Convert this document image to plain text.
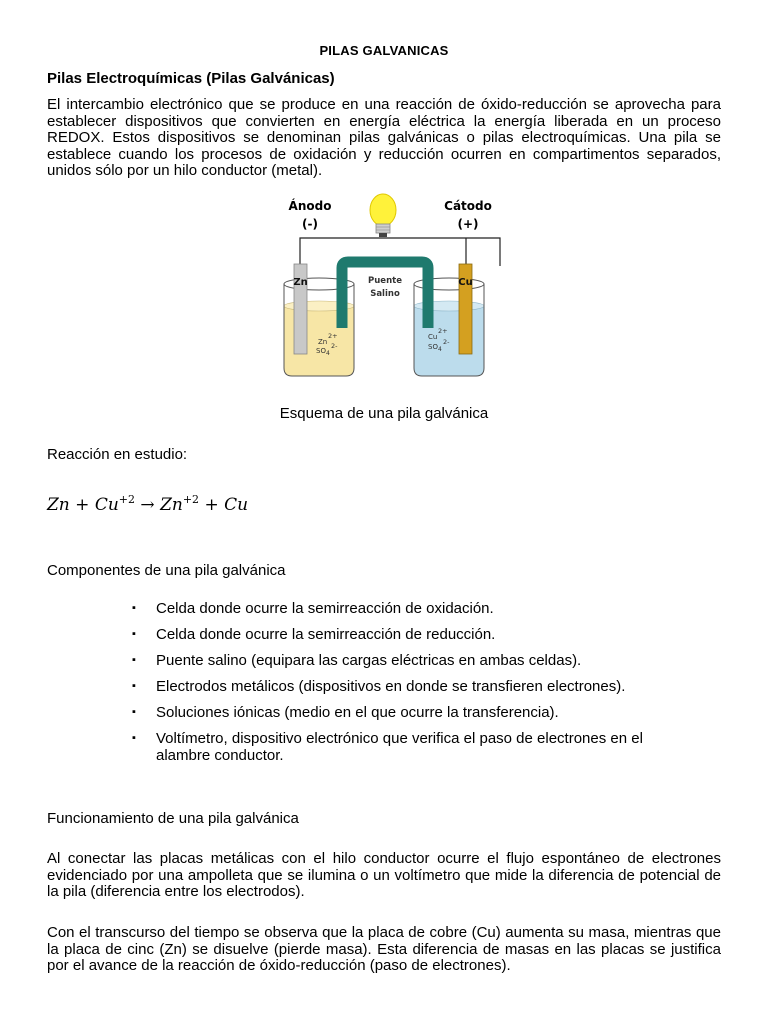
PILAS GALVANICAS
Pilas Electroquímicas (Pilas Galvánicas)

El intercambio electrónico que se produce en una reacción de óxido-reducción se aprovecha para establecer dispositivos que convierten en energía eléctrica la energía liberada en un proceso REDOX. Estos dispositivos se denominan pilas galvánicas o pilas electroquímicas. Una pila se establece cuando los procesos de oxidación y reducción ocurren en compartimentos separados, unidos sólo por un hilo conductor (metal).

Ánodo
(-)
Cátodo
(+)
Puente
Salino
Zn	Cu
2+
Zn
SO 4
2-
2+
Cu
SO 4
2-
Esquema de una pila galvánica
Reacción en estudio:
$Zn + Cu^{+2} \to Zn^{+2} + Cu$
Componentes de una pila galvánica
▪ Celda donde ocurre la semirreacción de oxidación.
▪ Celda donde ocurre la semirreacción de reducción.
▪ Puente salino (equipara las cargas eléctricas en ambas celdas).
▪ Electrodos metálicos (dispositivos en donde se transfieren electrones).
▪ Soluciones iónicas (medio en el que ocurre la transferencia).
▪ Voltímetro, dispositivo electrónico que verifica el paso de electrones en el alambre conductor.
Funcionamiento de una pila galvánica

Al conectar las placas metálicas con el hilo conductor ocurre el flujo espontáneo de electrones evidenciado por una ampolleta que se ilumina o un voltímetro que mide la diferencia de potencial de la pila (diferencia entre los electrodos).

Con el transcurso del tiempo se observa que la placa de cobre (Cu) aumenta su masa, mientras que la placa de cinc (Zn) se disuelve (pierde masa). Esta diferencia de masas en las placas se justifica por el avance de la reacción de óxido-reducción (paso de electrones).
